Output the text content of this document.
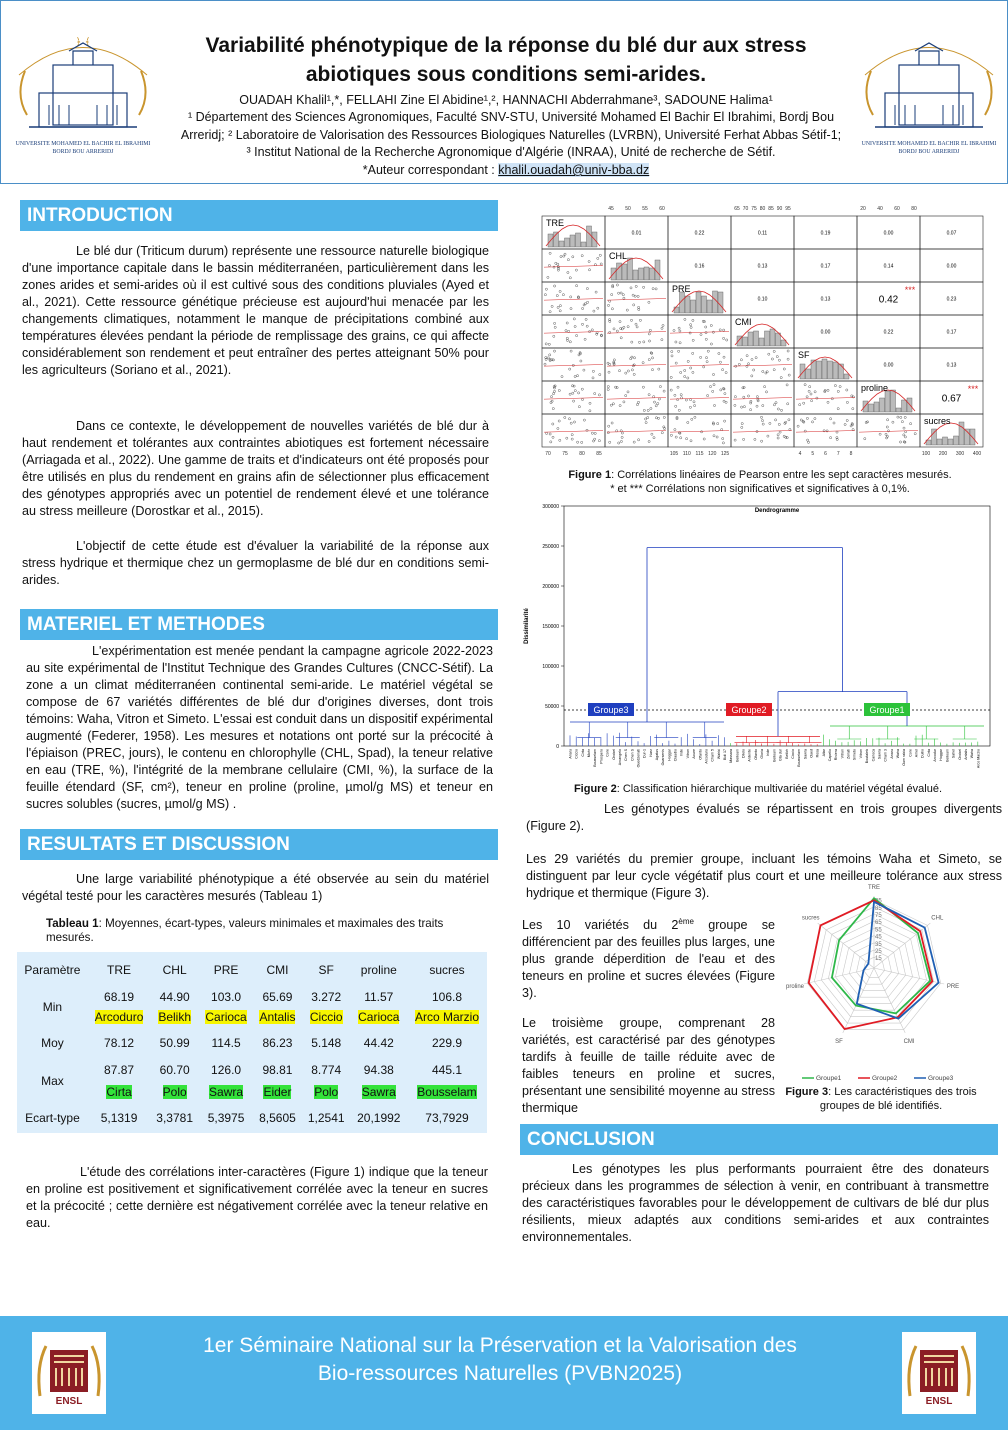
﴿ ﴾
UNIVERSITE MOHAMED EL BACHIR EL IBRAHIMI
BORDJ BOU ARRERIDJ
UNIVERSITE MOHAMED EL BACHIR EL IBRAHIMI
BORDJ BOU ARRERIDJ
Variabilité phénotypique de la réponse du blé dur aux stress
abiotiques sous conditions semi-arides.
OUADAH Khalil¹,*, FELLAHI Zine El Abidine¹,², HANNACHI Abderrahmane³, SADOUNE Halima¹
¹ Département des Sciences Agronomiques, Faculté SNV-STU, Université Mohamed El Bachir El Ibrahimi, Bordj Bou
Arreridj; ² Laboratoire de Valorisation des Ressources Biologiques Naturelles (LVRBN), Université Ferhat Abbas Sétif-1;
³ Institut National de la Recherche Agronomique d'Algérie (INRAA), Unité de recherche de Sétif.
*Auteur correspondant : khalil.ouadah@univ-bba.dz
INTRODUCTION

Le blé dur (Triticum durum) représente une ressource naturelle biologique d'une importance capitale dans le bassin méditerranéen, particulièrement dans les zones arides et semi-arides où il est cultivé sous des conditions pluviales (Ayed et al., 2021). Cette ressource génétique précieuse est aujourd'hui menacée par les changements climatiques, notamment le manque de précipitations combiné aux températures élevées pendant la période de remplissage des grains, ce qui affecte considérablement son rendement et peut entraîner des pertes atteignant 50% pour les agriculteurs (Soriano et al., 2021).

Dans ce contexte, le développement de nouvelles variétés de blé dur à haut rendement et tolérantes aux contraintes abiotiques est fortement nécessaire (Arriagada et al., 2022). Une gamme de traits et d'indicateurs ont été proposés pour être utilisés en plus du rendement en grains afin de sélectionner plus efficacement des génotypes appropriés avec un potentiel de rendement élevé et une tolérance au stress meilleure (Dorostkar et al., 2015).

L'objectif de cette étude est d'évaluer la variabilité de la réponse aux stress hydrique et thermique chez un germoplasme de blé dur en conditions semi-arides.

MATERIEL ET METHODES

L'expérimentation est menée pendant la campagne agricole 2022-2023 au site expérimental de l'Institut Technique des Grandes Cultures (CNCC-Sétif). La zone a un climat méditerranéen continental semi-aride. Le matériel végétal se compose de 67 variétés différentes de blé dur d'origines diverses, dont trois témoins: Waha, Vitron et Simeto. L'essai est conduit dans un dispositif expérimental augmenté (Federer, 1958). Les mesures et notations ont porté sur la précocité à l'épiaison (PREC, jours), le contenu en chlorophylle (CHL, Spad), la teneur relative en eau (TRE, %), l'intégrité de la membrane cellulaire (CMI, %), la surface de la feuille étendard (SF, cm²), teneur en proline (proline, µmol/g MS) et teneur en sucres solubles (sucres, µmol/g MS) .

RESULTATS ET DISCUSSION

Une large variabilité phénotypique a été observée au sein du matériel végétal testé pour les caractères mesurés (Tableau 1)

Tableau 1: Moyennes, écart-types, valeurs minimales et maximales des traits mesurés.

Paramètre	TRE	CHL	PRE	CMI	SF	proline	sucres
Min	68.19	44.90	103.0	65.69	3.272	11.57	106.8
	Arcoduro	Belikh	Carioca	Antalis	Ciccio	Carioca	Arco Marzio
Moy	78.12	50.99	114.5	86.23	5.148	44.42	229.9
Max	87.87	60.70	126.0	98.81	8.774	94.38	445.1
	Cirta	Polo	Sawra	Eider	Polo	Sawra	Bousselam
Ecart-type	5,1319	3,3781	5,3975	8,5605	1,2541	20,1992	73,7929

L'étude des corrélations inter-caractères (Figure 1) indique que la teneur en proline est positivement et significativement corrélée avec la teneur en sucres et la précocité ; cette dernière est négativement corrélée avec la teneur relative en eau.

TRE
0.01	0.22	0.11	0.19	0.00	0.07
CHL
0.16	0.13	0.17	0.14	0.00
PRE
0.10	0.13	0.42
***
0.23
CMI
0.00	0.22	0.17
SF
0.00	0.13
proline
0.67
***
sucres
45 50 55 60	65 70 75 80 85 90 95	20 40 60 80
70 75 80 85	105 110 115 120 125	4 5 6 7 8	100 200 300 400
Figure 1: Corrélations linéaires de Pearson entre les sept caractères mesurés.
* et *** Corrélations non significatives et significatives à 0,1%.
Dendrogramme
Dissimilarité
0
50000
100000
150000
200000
250000
300000
Anaru Ciccio Cirta Mohr Bousselam Prospero Core Orobel Arcangelo Chen S Chen S Ouedzenati Dur-1 Nasr Agatus Ouarsenis Hoggar Claudio Iride Vitron Aoure Ofanto Arcoduro Cham 5 Wahbi Bidi 17 Massara Beliouni Dilelo Ardente Ofanto Gloria Iride Beliouni Gta dur Belikh Ciccio Bousselam Sawra Oued Rosa Altar Capello Riviera Vitron Zenati Simeto Vitron Boutaleb Carioca Sawra Cham 3 Anaru Waha Oum rabia Core Amel Duilio Cirta Arcodur Hoggar Beliouni Sahel Orobel Antalis Waha Arco Marzio
Groupe3	Groupe2	Groupe1
Figure 2: Classification hiérarchique multivariée du matériel végétal évalué.

Les génotypes évalués se répartissent en trois groupes divergents (Figure 2).

Les 29 variétés du premier groupe, incluant les témoins Waha et Simeto, se distinguent par leur cycle végétatif plus court et une meilleure tolérance aux stress hydrique et thermique (Figure 3).

Les 10 variétés du 2ème groupe se différencient par des feuilles plus larges, une plus grande déperdition de l'eau et des teneurs en proline et sucres élevées (Figure 3).

Le troisième groupe, comprenant 28 variétés, est caractérisé par des génotypes tardifs à feuille de taille réduite avec de faibles teneurs en proline et sucres, présentant une sensibilité moyenne au stress thermique

15
25
35
45
55
65
75
85
95
TRE
CHL
PRE
CMI
SF
proline
sucres
Groupe1	Groupe2	Groupe3
Figure 3: Les caractéristiques des trois
groupes de blé identifiés.
CONCLUSION

Les génotypes les plus performants pourraient être des donateurs précieux dans les programmes de sélection à venir, en contribuant à transmettre des caractéristiques favorables pour le développement de cultivars de blé dur plus résilients, mieux adaptés aux conditions semi-arides et aux contraintes environnementales.

ENSL
1er Séminaire National sur la Préservation et la Valorisation des
Bio-ressources Naturelles (PVBN2025)
ENSL
